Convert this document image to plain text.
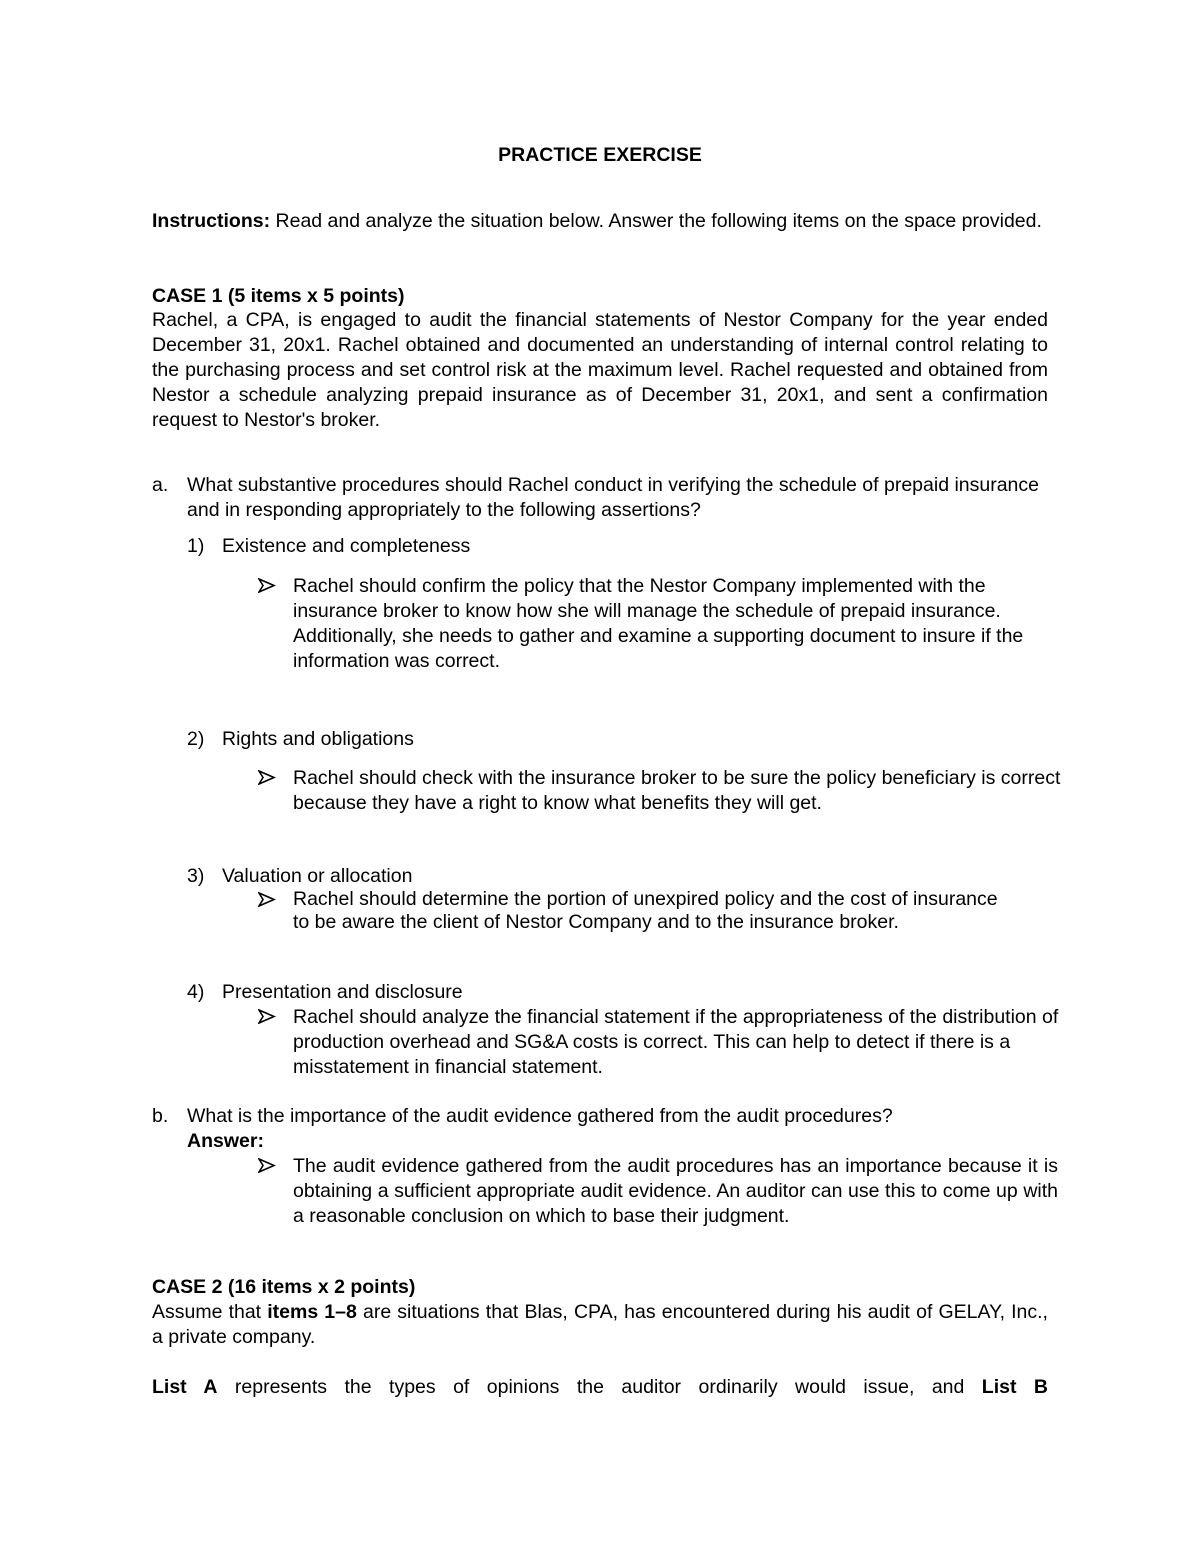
PRACTICE EXERCISE

Instructions: Read and analyze the situation below. Answer the following items on the space provided.

CASE 1 (5 items x 5 points)

Rachel, a CPA, is engaged to audit the financial statements of Nestor Company for the year ended December 31, 20x1. Rachel obtained and documented an understanding of internal control relating to the purchasing process and set control risk at the maximum level. Rachel requested and obtained from Nestor a schedule analyzing prepaid insurance as of December 31, 20x1, and sent a confirmation request to Nestor's broker.

a. What substantive procedures should Rachel conduct in verifying the schedule of prepaid insurance and in responding appropriately to the following assertions?

1) Existence and completeness

Rachel should confirm the policy that the Nestor Company implemented with the insurance broker to know how she will manage the schedule of prepaid insurance. Additionally, she needs to gather and examine a supporting document to insure if the information was correct.

2) Rights and obligations

Rachel should check with the insurance broker to be sure the policy beneficiary is correct because they have a right to know what benefits they will get.

3) Valuation or allocation

Rachel should determine the portion of unexpired policy and the cost of insurance to be aware the client of Nestor Company and to the insurance broker.

4) Presentation and disclosure

Rachel should analyze the financial statement if the appropriateness of the distribution of production overhead and SG&A costs is correct. This can help to detect if there is a misstatement in financial statement.

b. What is the importance of the audit evidence gathered from the audit procedures?

Answer:

The audit evidence gathered from the audit procedures has an importance because it is obtaining a sufficient appropriate audit evidence. An auditor can use this to come up with a reasonable conclusion on which to base their judgment.

CASE 2 (16 items x 2 points)

Assume that items 1–8 are situations that Blas, CPA, has encountered during his audit of GELAY, Inc., a private company.

List A represents the types of opinions the auditor ordinarily would issue, and List B
